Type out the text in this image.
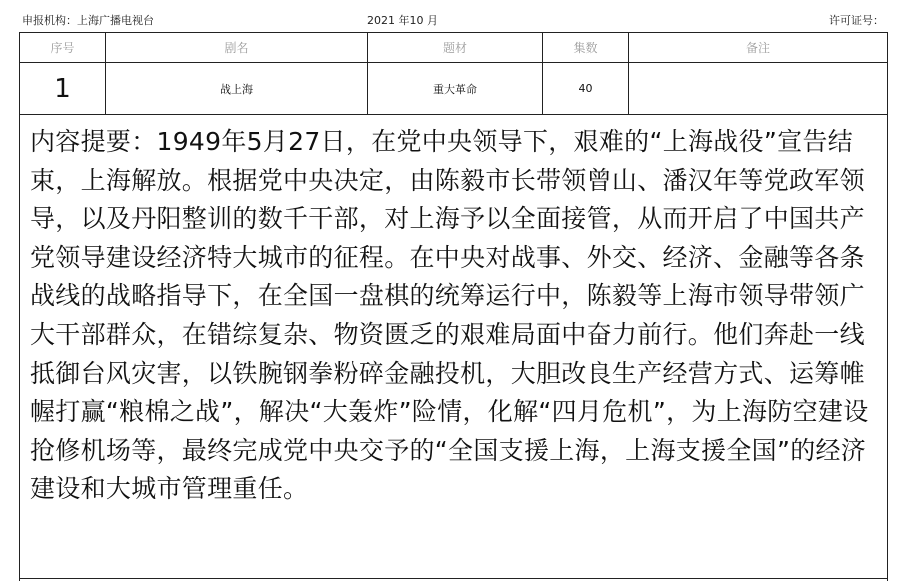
申报机构：上海广播电视台	2021 年10 月	许可证号：
序号	剧名	题材	集数	备注
1	战上海	重大革命	40
内容提要：1949年5月27日，在党中央领导下，艰难的“上海战役”宣告结束，上海解放。根据党中央决定，由陈毅市长带领曾山、潘汉年等党政军领导，以及丹阳整训的数千干部，对上海予以全面接管，从而开启了中国共产党领导建设经济特大城市的征程。在中央对战事、外交、经济、金融等各条战线的战略指导下，在全国一盘棋的统筹运行中，陈毅等上海市领导带领广大干部群众，在错综复杂、物资匮乏的艰难局面中奋力前行。他们奔赴一线抵御台风灾害，以铁腕钢拳粉碎金融投机，大胆改良生产经营方式、运筹帷幄打赢“粮棉之战”，解决“大轰炸”险情，化解“四月危机”，为上海防空建设抢修机场等，最终完成党中央交予的“全国支援上海，上海支援全国”的经济建设和大城市管理重任。
